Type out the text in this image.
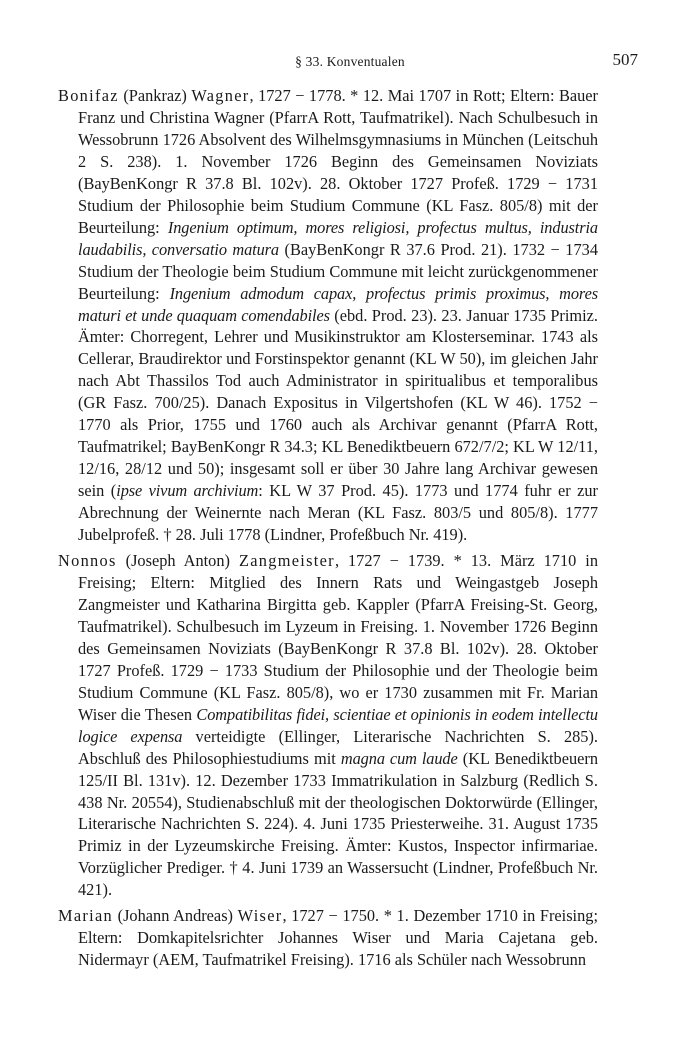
§ 33. Konventualen	507

Bonifaz (Pankraz) Wagner, 1727 − 1778. * 12. Mai 1707 in Rott; Eltern: Bauer Franz und Christina Wagner (PfarrA Rott, Taufmatrikel). Nach Schulbesuch in Wessobrunn 1726 Absolvent des Wilhelmsgymnasiums in München (Leitschuh 2 S. 238). 1. November 1726 Beginn des Gemeinsamen Noviziats (BayBenKongr R 37.8 Bl. 102v). 28. Oktober 1727 Profeß. 1729 − 1731 Studium der Philosophie beim Studium Commune (KL Fasz. 805/8) mit der Beurteilung: Ingenium optimum, mores religiosi, profectus multus, industria laudabilis, conversatio matura (BayBenKongr R 37.6 Prod. 21). 1732 − 1734 Studium der Theologie beim Studium Commune mit leicht zurückgenommener Beurteilung: Ingenium admodum capax, profectus primis proximus, mores maturi et unde quaquam comendabiles (ebd. Prod. 23). 23. Januar 1735 Primiz. Ämter: Chorregent, Lehrer und Musikinstruktor am Klosterseminar. 1743 als Cellerar, Braudirektor und Forstinspektor genannt (KL W 50), im gleichen Jahr nach Abt Thassilos Tod auch Administrator in spiritualibus et temporalibus (GR Fasz. 700/25). Danach Expositus in Vilgertshofen (KL W 46). 1752 − 1770 als Prior, 1755 und 1760 auch als Archivar genannt (PfarrA Rott, Taufmatrikel; BayBenKongr R 34.3; KL Benediktbeuern 672/7/2; KL W 12/11, 12/16, 28/12 und 50); insgesamt soll er über 30 Jahre lang Archivar gewesen sein (ipse vivum archivium: KL W 37 Prod. 45). 1773 und 1774 fuhr er zur Abrechnung der Weinernte nach Meran (KL Fasz. 803/5 und 805/8). 1777 Jubelprofeß. † 28. Juli 1778 (Lindner, Profeßbuch Nr. 419).

Nonnos (Joseph Anton) Zangmeister, 1727 − 1739. * 13. März 1710 in Freising; Eltern: Mitglied des Innern Rats und Weingastgeb Joseph Zangmeister und Katharina Birgitta geb. Kappler (PfarrA Freising-St. Georg, Taufmatrikel). Schulbesuch im Lyzeum in Freising. 1. November 1726 Beginn des Gemeinsamen Noviziats (BayBenKongr R 37.8 Bl. 102v). 28. Oktober 1727 Profeß. 1729 − 1733 Studium der Philosophie und der Theologie beim Studium Commune (KL Fasz. 805/8), wo er 1730 zusammen mit Fr. Marian Wiser die Thesen Compatibilitas fidei, scientiae et opinionis in eodem intellectu logice expensa verteidigte (Ellinger, Literarische Nachrichten S. 285). Abschluß des Philosophiestudiums mit magna cum laude (KL Benediktbeuern 125/II Bl. 131v). 12. Dezember 1733 Immatrikulation in Salzburg (Redlich S. 438 Nr. 20554), Studienabschluß mit der theologischen Doktorwürde (Ellinger, Literarische Nachrichten S. 224). 4. Juni 1735 Priesterweihe. 31. August 1735 Primiz in der Lyzeumskirche Freising. Ämter: Kustos, Inspector infirmariae. Vorzüglicher Prediger. † 4. Juni 1739 an Wassersucht (Lindner, Profeßbuch Nr. 421).

Marian (Johann Andreas) Wiser, 1727 − 1750. * 1. Dezember 1710 in Freising; Eltern: Domkapitelsrichter Johannes Wiser und Maria Cajetana geb. Nidermayr (AEM, Taufmatrikel Freising). 1716 als Schüler nach Wessobrunn
